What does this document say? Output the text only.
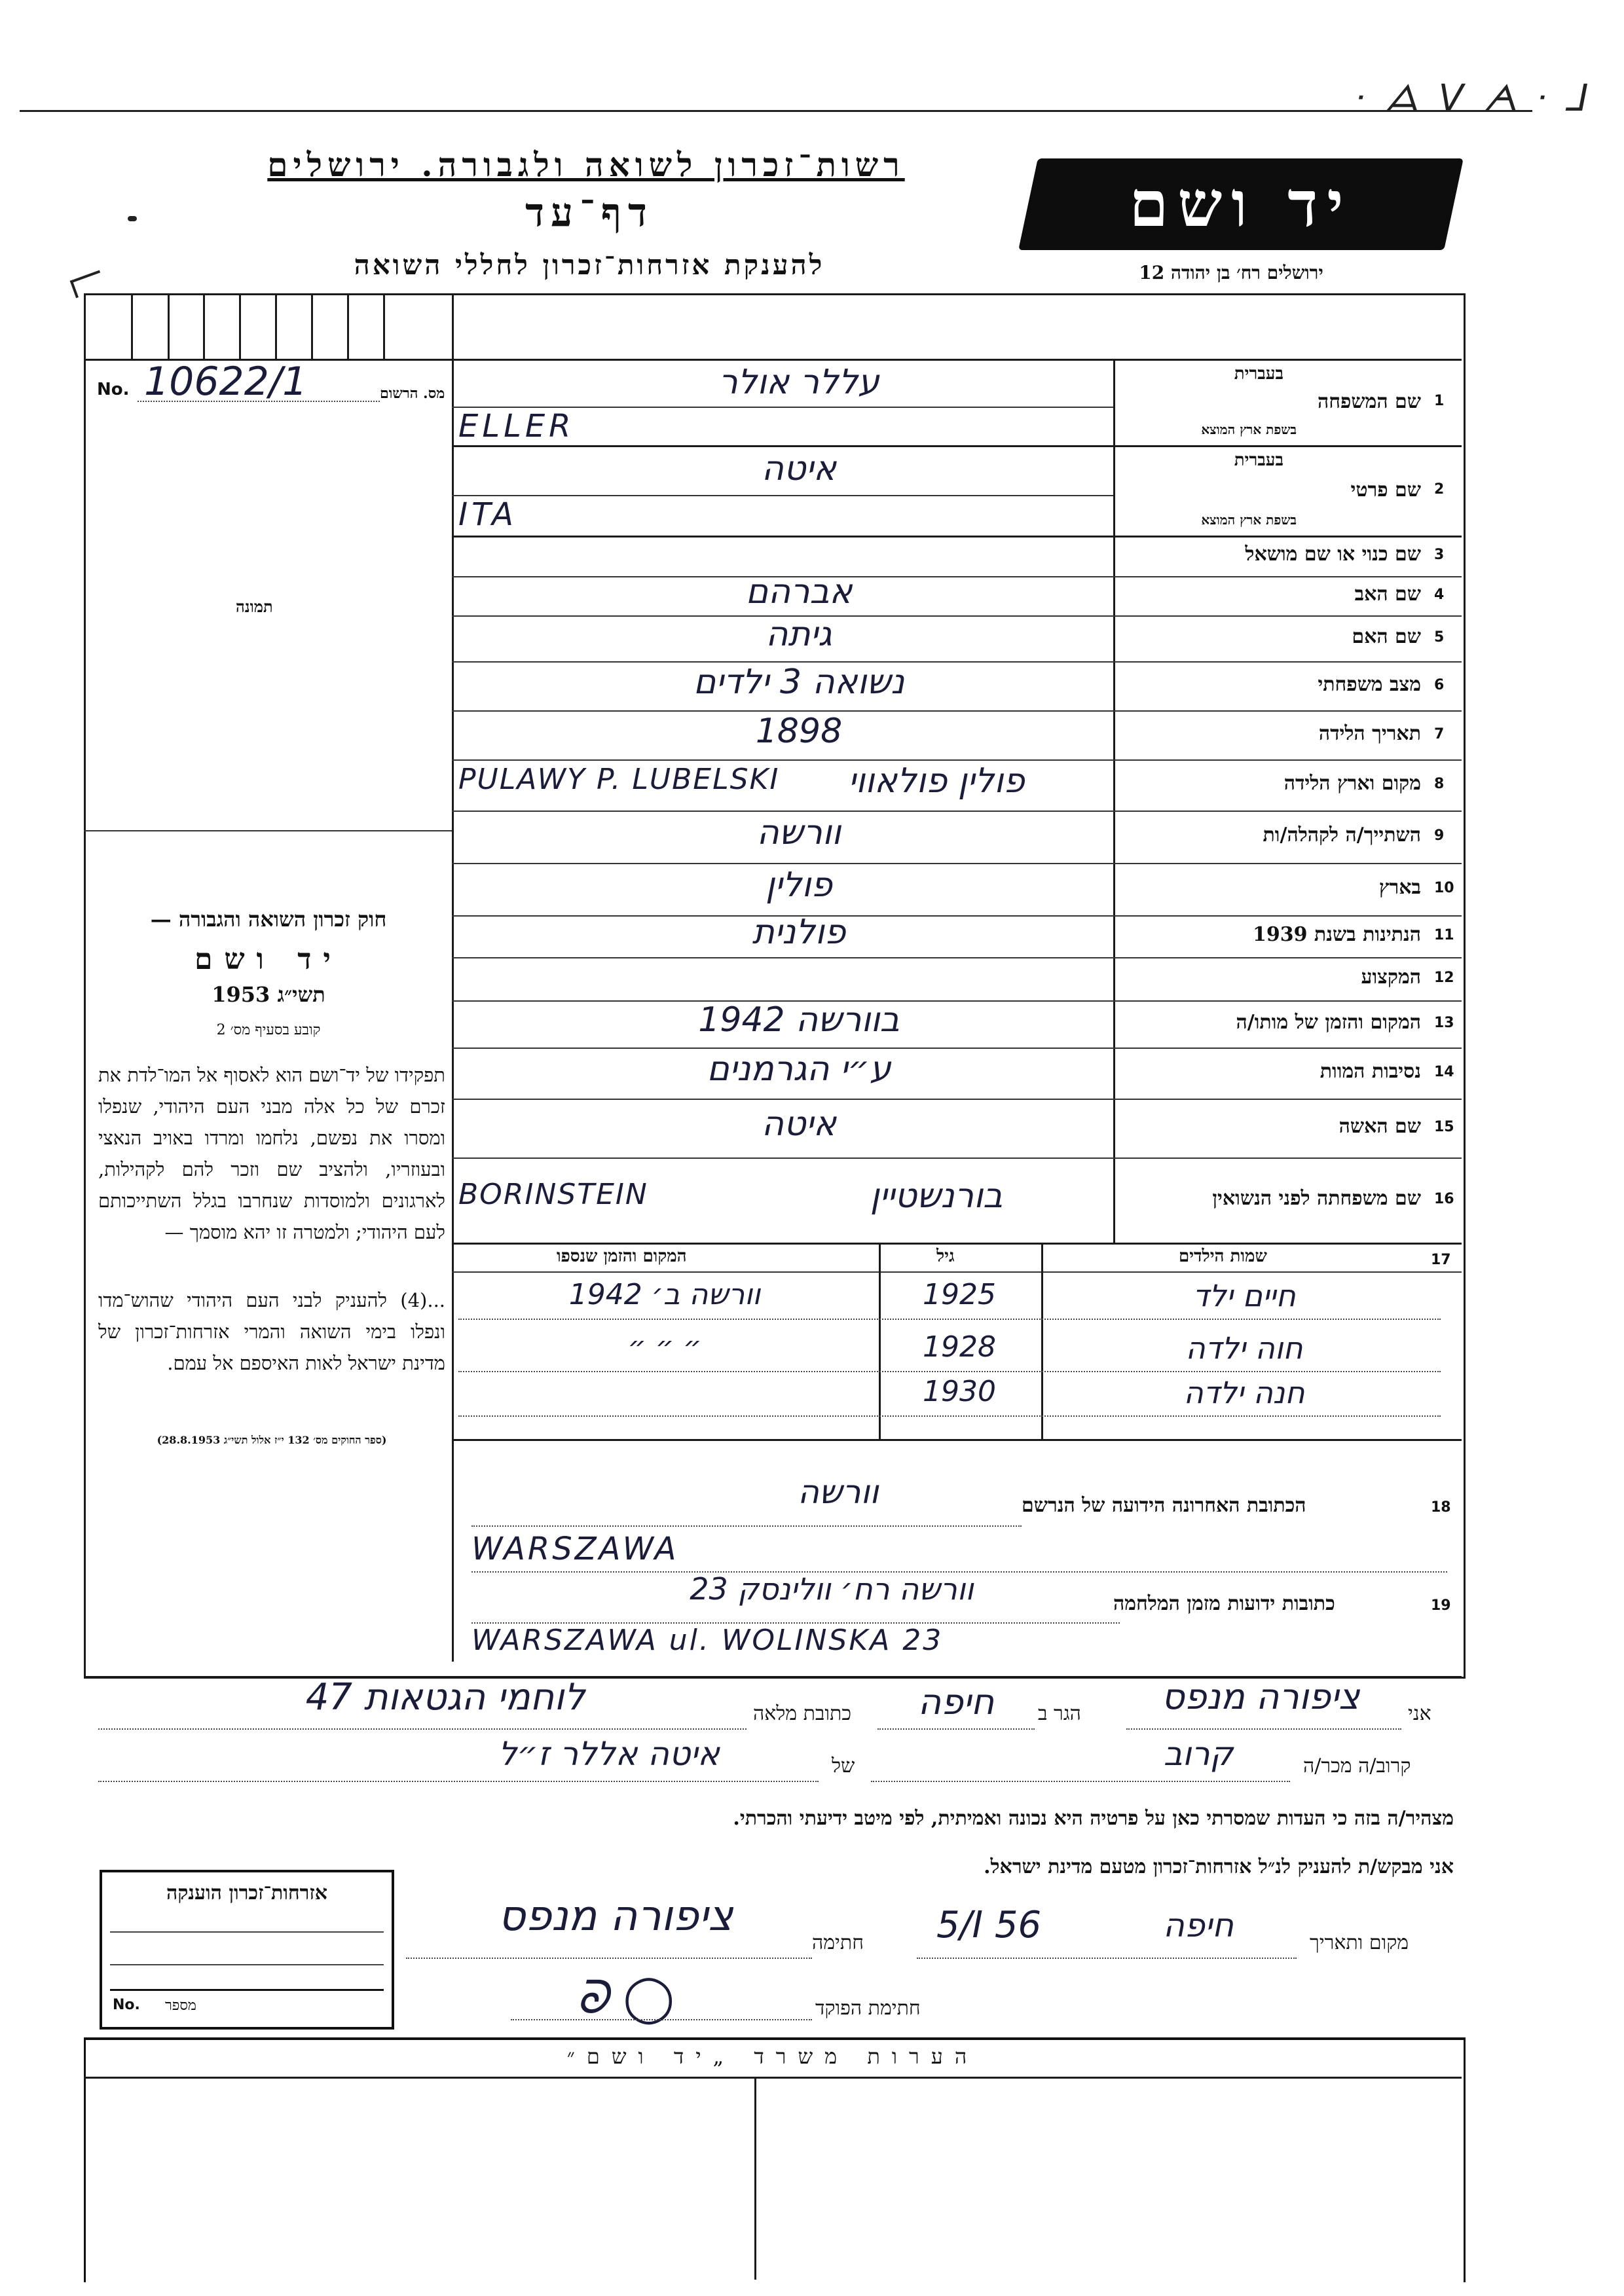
ᐧ ᗋ ᐯ ᗅ ᐧ ᒧ
רשות־זכרון לשואה ולגבורה. ירושלים
דף־עד
להענקת אזרחות־זכרון לחללי השואה
יד ושם
ירושלים רח׳ בן יהודה 12
No. 10622/1	מס. הרשום
תמונה
חוק זכרון השואה והגבורה —
יד ושם
תשי״ג 1953
קובע בסעיף מס׳ 2
תפקידו של יד־ושם הוא לאסוף אל המו־לדת את זכרם של כל אלה מבני העם היהודי, שנפלו ומסרו את נפשם, נלחמו ומרדו באויב הנאצי ובעוזריו, ולהציב שם וזכר להם לקהילות, לארגונים ולמוסדות שנחרבו בגלל השתייכותם לעם היהודי; ולמטרה זו יהא מוסמך —
...(4) להעניק לבני העם היהודי שהוש־מדו ונפלו בימי השואה והמרי אזרחות־זכרון של מדינת ישראל לאות האיספם אל עמם.
(ספר החוקים מס׳ 132 י״ז אלול תשי״ג 28.8.1953)
1
שם המשפחה
בעברית
בשפת ארץ המוצא
עללר אולר
ELLER
2
שם פרטי
בעברית
בשפת ארץ המוצא
איטה
ITA
3
שם כנוי או שם מושאל
4
שם האב
אברהם
5
שם האם
גיתה
6
מצב משפחתי
נשואה 3 ילדים
7
תאריך הלידה
1898
8
מקום וארץ הלידה
פולין פולאווי
PULAWY P. LUBELSKI
9
השתייך/ה לקהלה/ות
וורשה
10
בארץ
פולין
11
הנתינות בשנת 1939
פולנית
12
המקצוע
13
המקום והזמן של מותו/ה
בוורשה 1942
14
נסיבות המוות
ע״י הגרמנים
15
שם האשה
איטה
16
שם משפחתה לפני הנשואין
בורנשטיין
BORINSTEIN
17
שמות הילדים
גיל
המקום והזמן שנספו
חיים ילד
1925
וורשה ב׳ 1942
חוה ילדה
1928
״ ״ ״
חנה ילדה
1930
18
הכתובת האחרונה הידועה של הנרשם
וורשה
WARSZAWA
19
כתובות ידועות מזמן המלחמה
וורשה רח׳ וולינסק 23
WARSZAWA ul. WOLINSKA 23
אני
ציפורה מנפס
הגר ב
חיפה
כתובת מלאה
לוחמי הגטאות 47
קרוב/ה מכר/ה
קרוב
של
איטה אללר ז״ל
מצהיר/ה בזה כי העדות שמסרתי כאן על פרטיה היא נכונה ואמיתית, לפי מיטב ידיעתי והכרתי.
אני מבקש/ת להעניק לנ״ל אזרחות־זכרון מטעם מדינת ישראל.
מקום ותאריך
חיפה
5/I 56
חתימה
ציפורה מנפס
חתימת הפוקד
ᘐ ◯
אזרחות־זכרון הוענקה
No. מספר
הערות משרד „יד ושם״
